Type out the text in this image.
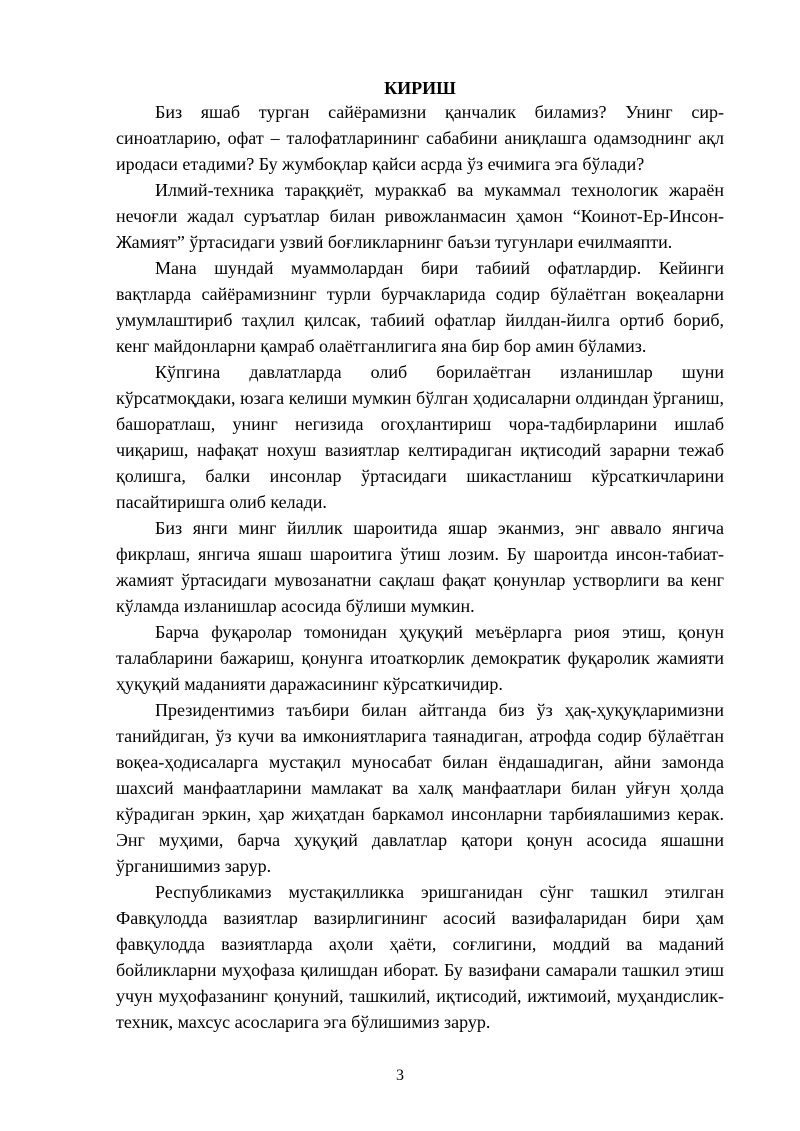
КИРИШ

Биз яшаб турган сайёрамизни қанчалик биламиз? Унинг сир-синоатларию, офат – талофатларининг сабабини аниқлашга одамзоднинг ақл иродаси етадими? Бу жумбоқлар қайси асрда ўз ечимига эга бўлади?

Илмий-техника тараққиёт, мураккаб ва мукаммал технологик жараён нечоғли жадал суръатлар билан ривожланмасин ҳамон “Коинот-Ер-Инсон-Жамият” ўртасидаги узвий боғликларнинг баъзи тугунлари ечилмаяпти.

Мана шундай муаммолардан бири табиий офатлардир. Кейинги вақтларда сайёрамизнинг турли бурчакларида содир бўлаётган воқеаларни умумлаштириб таҳлил қилсак, табиий офатлар йилдан-йилга ортиб бориб, кенг майдонларни қамраб олаётганлигига яна бир бор амин бўламиз.

Кўпгина давлатларда олиб борилаётган изланишлар шуни кўрсатмоқдаки, юзага келиши мумкин бўлган ҳодисаларни олдиндан ўрганиш, башоратлаш, унинг негизида огоҳлантириш чора-тадбирларини ишлаб чиқариш, нафақат нохуш вазиятлар келтирадиган иқтисодий зарарни тежаб қолишга, балки инсонлар ўртасидаги шикастланиш кўрсаткичларини пасайтиришга олиб келади.

Биз янги минг йиллик шароитида яшар эканмиз, энг аввало янгича фикрлаш, янгича яшаш шароитига ўтиш лозим. Бу шароитда инсон-табиат-жамият ўртасидаги мувозанатни сақлаш фақат қонунлар устворлиги ва кенг кўламда изланишлар асосида бўлиши мумкин.

Барча фуқаролар томонидан ҳуқуқий меъёрларга риоя этиш, қонун талабларини бажариш, қонунга итоаткорлик демократик фуқаролик жамияти ҳуқуқий маданияти даражасининг кўрсаткичидир.

Президентимиз таъбири билан айтганда биз ўз ҳақ-ҳуқуқларимизни танийдиган, ўз кучи ва имкониятларига таянадиган, атрофда содир бўлаётган воқеа-ҳодисаларга мустақил муносабат билан ёндашадиган, айни замонда шахсий манфаатларини мамлакат ва халқ манфаатлари билан уйғун ҳолда кўрадиган эркин, ҳар жиҳатдан баркамол инсонларни тарбиялашимиз керак. Энг муҳими, барча ҳуқуқий давлатлар қатори қонун асосида яшашни ўрганишимиз зарур.

Республикамиз мустақилликка эришганидан сўнг ташкил этилган Фавқулодда вазиятлар вазирлигининг асосий вазифаларидан бири ҳам фавқулодда вазиятларда аҳоли ҳаёти, соғлигини, моддий ва маданий бойликларни муҳофаза қилишдан иборат. Бу вазифани самарали ташкил этиш учун муҳофазанинг қонуний, ташкилий, иқтисодий, ижтимоий, муҳандислик-техник, махсус асосларига эга бўлишимиз зарур.

3
